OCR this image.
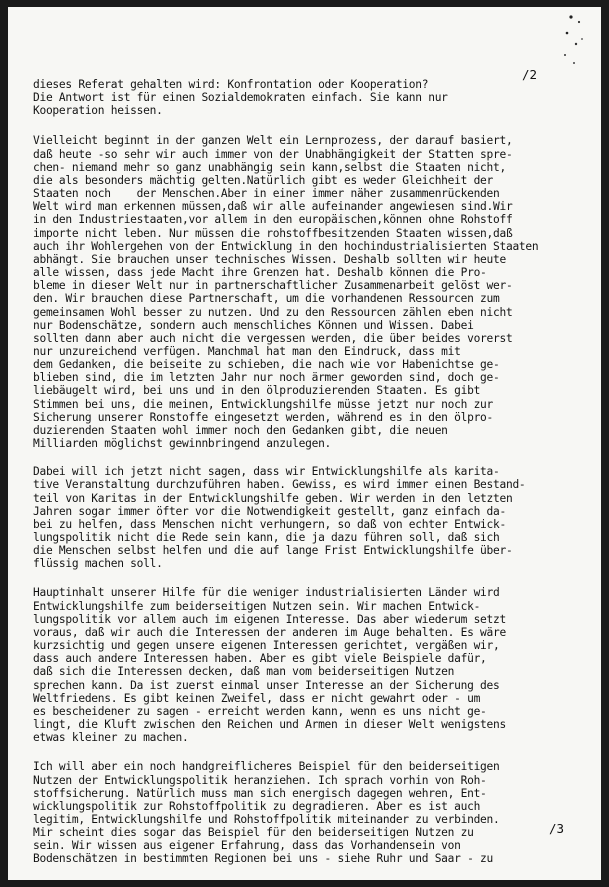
/2
dieses Referat gehalten wird: Konfrontation oder Kooperation?
Die Antwort ist für einen Sozialdemokraten einfach. Sie kann nur
Kooperation heissen.
Vielleicht beginnt in der ganzen Welt ein Lernprozess, der darauf basiert,
daß heute -so sehr wir auch immer von der Unabhängigkeit der Statten spre-
chen- niemand mehr so ganz unabhängig sein kann,selbst die Staaten nicht,
die als besonders mächtig gelten.Natürlich gibt es weder Gleichheit der
Staaten noch    der Menschen.Aber in einer immer näher zusammenrückenden
Welt wird man erkennen müssen,daß wir alle aufeinander angewiesen sind.Wir
in den Industriestaaten,vor allem in den europäischen,können ohne Rohstoff
importe nicht leben. Nur müssen die rohstoffbesitzenden Staaten wissen,daß
auch ihr Wohlergehen von der Entwicklung in den hochindustrialisierten Staaten
abhängt. Sie brauchen unser technisches Wissen. Deshalb sollten wir heute
alle wissen, dass jede Macht ihre Grenzen hat. Deshalb können die Pro-
bleme in dieser Welt nur in partnerschaftlicher Zusammenarbeit gelöst wer-
den. Wir brauchen diese Partnerschaft, um die vorhandenen Ressourcen zum
gemeinsamen Wohl besser zu nutzen. Und zu den Ressourcen zählen eben nicht
nur Bodenschätze, sondern auch menschliches Können und Wissen. Dabei
sollten dann aber auch nicht die vergessen werden, die über beides vorerst
nur unzureichend verfügen. Manchmal hat man den Eindruck, dass mit
dem Gedanken, die beiseite zu schieben, die nach wie vor Habenichtse ge-
blieben sind, die im letzten Jahr nur noch ärmer geworden sind, doch ge-
liebäugelt wird, bei uns und in den ölproduzierenden Staaten. Es gibt
Stimmen bei uns, die meinen, Entwicklungshilfe müsse jetzt nur noch zur
Sicherung unserer Ronstoffe eingesetzt werden, während es in den ölpro-
duzierenden Staaten wohl immer noch den Gedanken gibt, die neuen
Milliarden möglichst gewinnbringend anzulegen.
Dabei will ich jetzt nicht sagen, dass wir Entwicklungshilfe als karita-
tive Veranstaltung durchzuführen haben. Gewiss, es wird immer einen Bestand-
teil von Karitas in der Entwicklungshilfe geben. Wir werden in den letzten
Jahren sogar immer öfter vor die Notwendigkeit gestellt, ganz einfach da-
bei zu helfen, dass Menschen nicht verhungern, so daß von echter Entwick-
lungspolitik nicht die Rede sein kann, die ja dazu führen soll, daß sich
die Menschen selbst helfen und die auf lange Frist Entwicklungshilfe über-
flüssig machen soll.
Hauptinhalt unserer Hilfe für die weniger industrialisierten Länder wird
Entwicklungshilfe zum beiderseitigen Nutzen sein. Wir machen Entwick-
lungspolitik vor allem auch im eigenen Interesse. Das aber wiederum setzt
voraus, daß wir auch die Interessen der anderen im Auge behalten. Es wäre
kurzsichtig und gegen unsere eigenen Interessen gerichtet, vergäßen wir,
dass auch andere Interessen haben. Aber es gibt viele Beispiele dafür,
daß sich die Interessen decken, daß man vom beiderseitigen Nutzen
sprechen kann. Da ist zuerst einmal unser Interesse an der Sicherung des
Weltfriedens. Es gibt keinen Zweifel, dass er nicht gewahrt oder - um
es bescheidener zu sagen - erreicht werden kann, wenn es uns nicht ge-
lingt, die Kluft zwischen den Reichen und Armen in dieser Welt wenigstens
etwas kleiner zu machen.
Ich will aber ein noch handgreiflicheres Beispiel für den beiderseitigen
Nutzen der Entwicklungspolitik heranziehen. Ich sprach vorhin von Roh-
stoffsicherung. Natürlich muss man sich energisch dagegen wehren, Ent-
wicklungspolitik zur Rohstoffpolitik zu degradieren. Aber es ist auch
legitim, Entwicklungshilfe und Rohstoffpolitik miteinander zu verbinden.
Mir scheint dies sogar das Beispiel für den beiderseitigen Nutzen zu
sein. Wir wissen aus eigener Erfahrung, dass das Vorhandensein von
Bodenschätzen in bestimmten Regionen bei uns - siehe Ruhr und Saar - zu
/3
